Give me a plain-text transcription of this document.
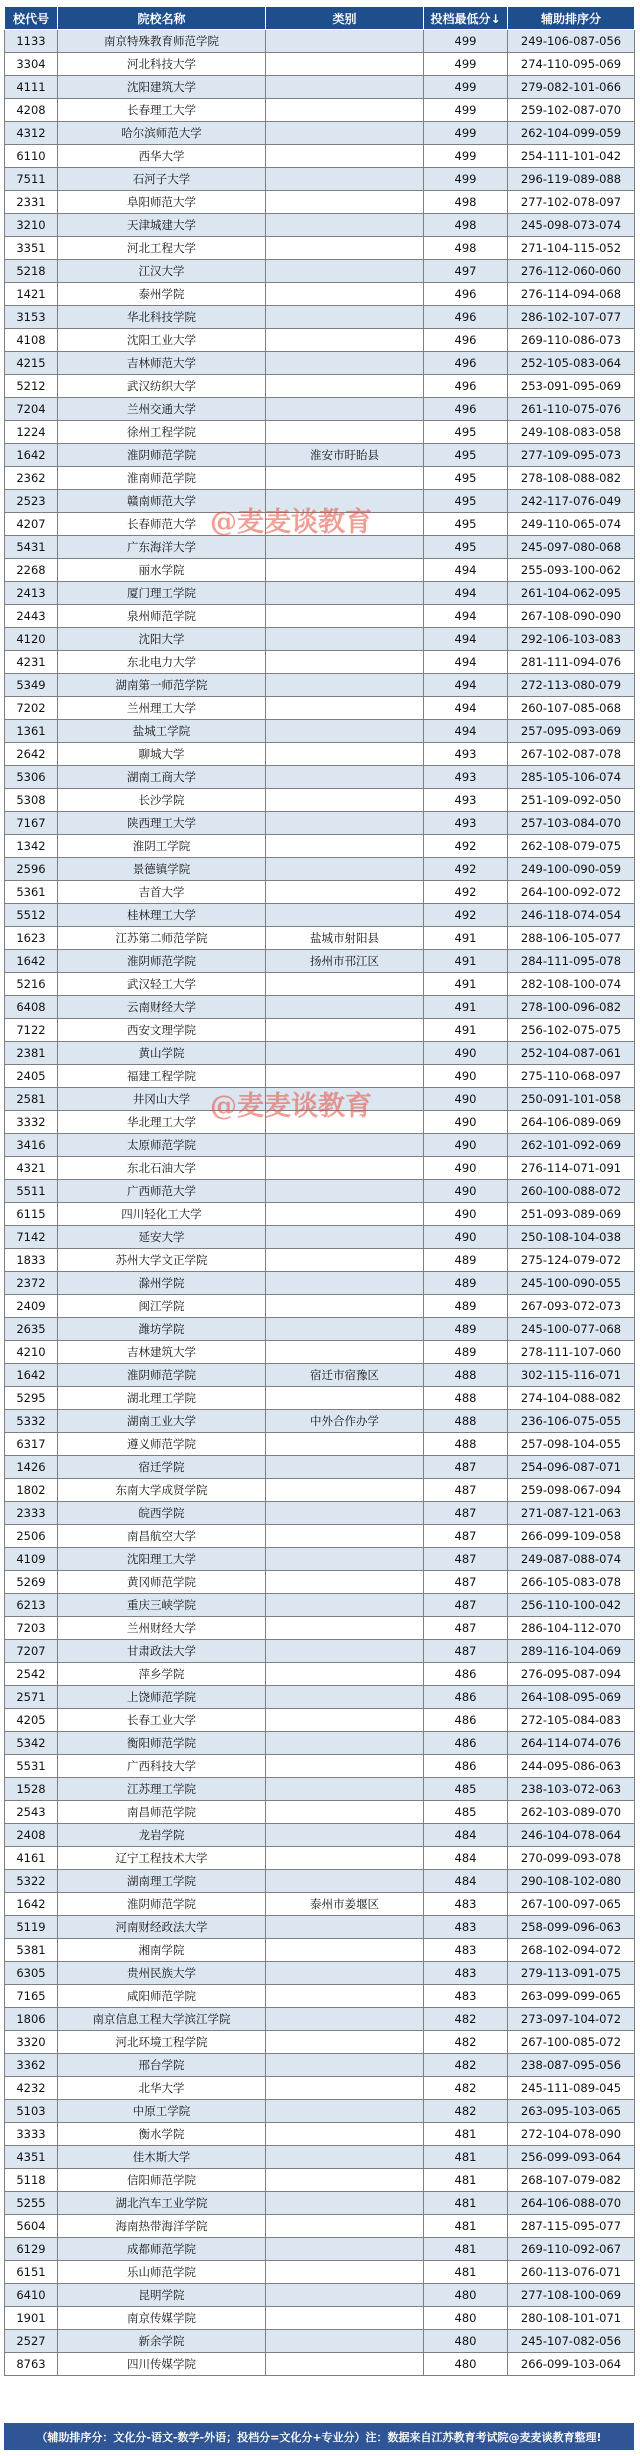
校代号	院校名称	类别	投档最低分↓	辅助排序分
1133	南京特殊教育师范学院		499	249-106-087-056
3304	河北科技大学		499	274-110-095-069
4111	沈阳建筑大学		499	279-082-101-066
4208	长春理工大学		499	259-102-087-070
4312	哈尔滨师范大学		499	262-104-099-059
6110	西华大学		499	254-111-101-042
7511	石河子大学		499	296-119-089-088
2331	阜阳师范大学		498	277-102-078-097
3210	天津城建大学		498	245-098-073-074
3351	河北工程大学		498	271-104-115-052
5218	江汉大学		497	276-112-060-060
1421	泰州学院		496	276-114-094-068
3153	华北科技学院		496	286-102-107-077
4108	沈阳工业大学		496	269-110-086-073
4215	吉林师范大学		496	252-105-083-064
5212	武汉纺织大学		496	253-091-095-069
7204	兰州交通大学		496	261-110-075-076
1224	徐州工程学院		495	249-108-083-058
1642	淮阴师范学院	淮安市盱眙县	495	277-109-095-073
2362	淮南师范学院		495	278-108-088-082
2523	赣南师范大学		495	242-117-076-049
4207	长春师范大学		495	249-110-065-074
5431	广东海洋大学		495	245-097-080-068
2268	丽水学院		494	255-093-100-062
2413	厦门理工学院		494	261-104-062-095
2443	泉州师范学院		494	267-108-090-090
4120	沈阳大学		494	292-106-103-083
4231	东北电力大学		494	281-111-094-076
5349	湖南第一师范学院		494	272-113-080-079
7202	兰州理工大学		494	260-107-085-068
1361	盐城工学院		494	257-095-093-069
2642	聊城大学		493	267-102-087-078
5306	湖南工商大学		493	285-105-106-074
5308	长沙学院		493	251-109-092-050
7167	陕西理工大学		493	257-103-084-070
1342	淮阴工学院		492	262-108-079-075
2596	景德镇学院		492	249-100-090-059
5361	吉首大学		492	264-100-092-072
5512	桂林理工大学		492	246-118-074-054
1623	江苏第二师范学院	盐城市射阳县	491	288-106-105-077
1642	淮阴师范学院	扬州市邗江区	491	284-111-095-078
5216	武汉轻工大学		491	282-108-100-074
6408	云南财经大学		491	278-100-096-082
7122	西安文理学院		491	256-102-075-075
2381	黄山学院		490	252-104-087-061
2405	福建工程学院		490	275-110-068-097
2581	井冈山大学		490	250-091-101-058
3332	华北理工大学		490	264-106-089-069
3416	太原师范学院		490	262-101-092-069
4321	东北石油大学		490	276-114-071-091
5511	广西师范大学		490	260-100-088-072
6115	四川轻化工大学		490	251-093-089-069
7142	延安大学		490	250-108-104-038
1833	苏州大学文正学院		489	275-124-079-072
2372	滁州学院		489	245-100-090-055
2409	闽江学院		489	267-093-072-073
2635	潍坊学院		489	245-100-077-068
4210	吉林建筑大学		489	278-111-107-060
1642	淮阴师范学院	宿迁市宿豫区	488	302-115-116-071
5295	湖北理工学院		488	274-104-088-082
5332	湖南工业大学	中外合作办学	488	236-106-075-055
6317	遵义师范学院		488	257-098-104-055
1426	宿迁学院		487	254-096-087-071
1802	东南大学成贤学院		487	259-098-067-094
2333	皖西学院		487	271-087-121-063
2506	南昌航空大学		487	266-099-109-058
4109	沈阳理工大学		487	249-087-088-074
5269	黄冈师范学院		487	266-105-083-078
6213	重庆三峡学院		487	256-110-100-042
7203	兰州财经大学		487	286-104-112-070
7207	甘肃政法大学		487	289-116-104-069
2542	萍乡学院		486	276-095-087-094
2571	上饶师范学院		486	264-108-095-069
4205	长春工业大学		486	272-105-084-083
5342	衡阳师范学院		486	264-114-074-076
5531	广西科技大学		486	244-095-086-063
1528	江苏理工学院		485	238-103-072-063
2543	南昌师范学院		485	262-103-089-070
2408	龙岩学院		484	246-104-078-064
4161	辽宁工程技术大学		484	270-099-093-078
5322	湖南理工学院		484	290-108-102-080
1642	淮阴师范学院	泰州市姜堰区	483	267-100-097-065
5119	河南财经政法大学		483	258-099-096-063
5381	湘南学院		483	268-102-094-072
6305	贵州民族大学		483	279-113-091-075
7165	咸阳师范学院		483	263-099-099-065
1806	南京信息工程大学滨江学院		482	273-097-104-072
3320	河北环境工程学院		482	267-100-085-072
3362	邢台学院		482	238-087-095-056
4232	北华大学		482	245-111-089-045
5103	中原工学院		482	263-095-103-065
3333	衡水学院		481	272-104-078-090
4351	佳木斯大学		481	256-099-093-064
5118	信阳师范学院		481	268-107-079-082
5255	湖北汽车工业学院		481	264-106-088-070
5604	海南热带海洋学院		481	287-115-095-077
6129	成都师范学院		481	269-110-092-067
6151	乐山师范学院		481	260-113-076-071
6410	昆明学院		480	277-108-100-069
1901	南京传媒学院		480	280-108-101-071
2527	新余学院		480	245-107-082-056
8763	四川传媒学院		480	266-099-103-064
@麦麦谈教育
@麦麦谈教育
（辅助排序分：文化分-语文-数学-外语；投档分=文化分+专业分）注：数据来自江苏教育考试院@麦麦谈教育整理!
